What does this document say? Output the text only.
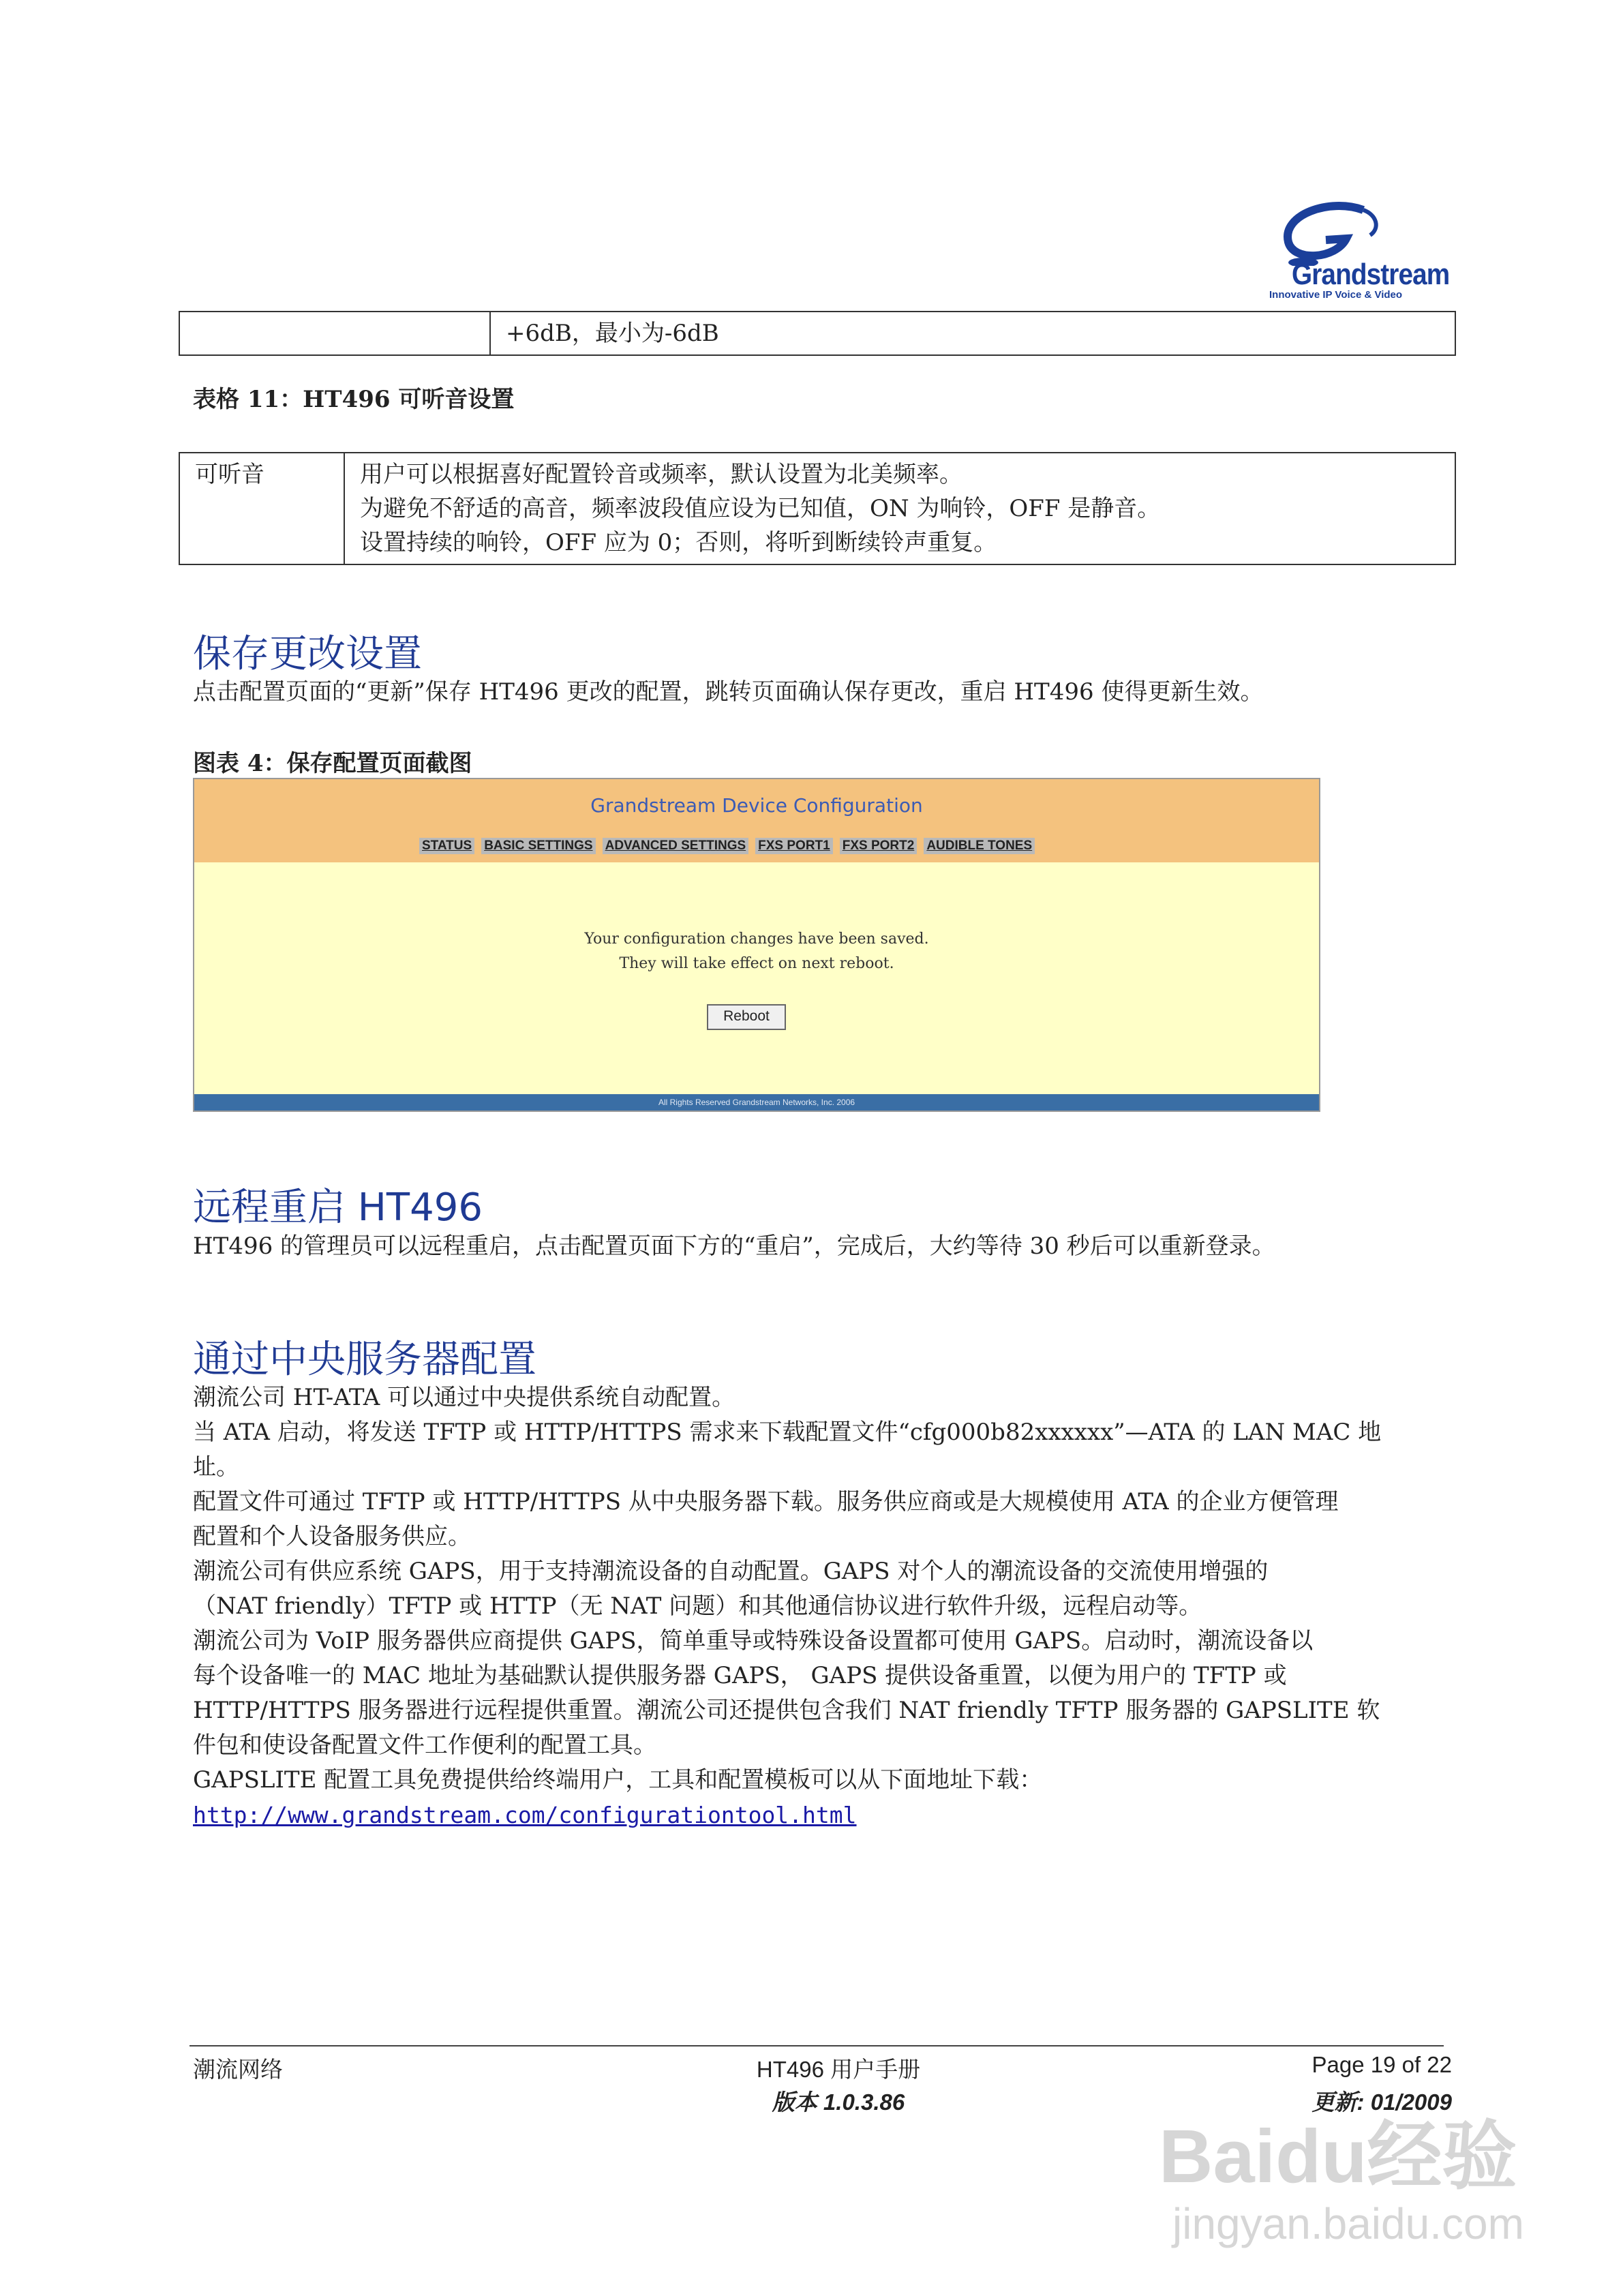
Grandstream
Innovative IP Voice & Video
	+6dB，最小为-6dB
表格 11：HT496 可听音设置
可听音	用户可以根据喜好配置铃音或频率，默认设置为北美频率。
为避免不舒适的高音，频率波段值应设为已知值，ON 为响铃，OFF 是静音。
设置持续的响铃，OFF 应为 0；否则，将听到断续铃声重复。
保存更改设置
点击配置页面的“更新”保存 HT496 更改的配置，跳转页面确认保存更改，重启 HT496 使得更新生效。
图表 4：保存配置页面截图
Grandstream Device Configuration
STATUS BASIC SETTINGS ADVANCED SETTINGS FXS PORT1 FXS PORT2 AUDIBLE TONES
Your configuration changes have been saved.
They will take effect on next reboot.
Reboot
All Rights Reserved Grandstream Networks, Inc. 2006
远程重启 HT496
HT496 的管理员可以远程重启，点击配置页面下方的“重启”，完成后，大约等待 30 秒后可以重新登录。
通过中央服务器配置
潮流公司 HT-ATA 可以通过中央提供系统自动配置。
当 ATA 启动，将发送 TFTP 或 HTTP/HTTPS 需求来下载配置文件“cfg000b82xxxxxx”—ATA 的 LAN MAC 地
址。
配置文件可通过 TFTP 或 HTTP/HTTPS 从中央服务器下载。服务供应商或是大规模使用 ATA 的企业方便管理
配置和个人设备服务供应。
潮流公司有供应系统 GAPS，用于支持潮流设备的自动配置。GAPS 对个人的潮流设备的交流使用增强的
（NAT friendly）TFTP 或 HTTP（无 NAT 问题）和其他通信协议进行软件升级，远程启动等。
潮流公司为 VoIP 服务器供应商提供 GAPS，简单重导或特殊设备设置都可使用 GAPS。启动时，潮流设备以
每个设备唯一的 MAC 地址为基础默认提供服务器 GAPS， GAPS 提供设备重置，以便为用户的 TFTP 或
HTTP/HTTPS 服务器进行远程提供重置。潮流公司还提供包含我们 NAT friendly TFTP 服务器的 GAPSLITE 软
件包和使设备配置文件工作便利的配置工具。
GAPSLITE 配置工具免费提供给终端用户，工具和配置模板可以从下面地址下载：
http://www.grandstream.com/configurationtool.html
潮流网络	HT496 用户手册
版本 1.0.3.86
Page 19 of 22
更新: 01/2009
Baidu经验
jingyan.baidu.com
